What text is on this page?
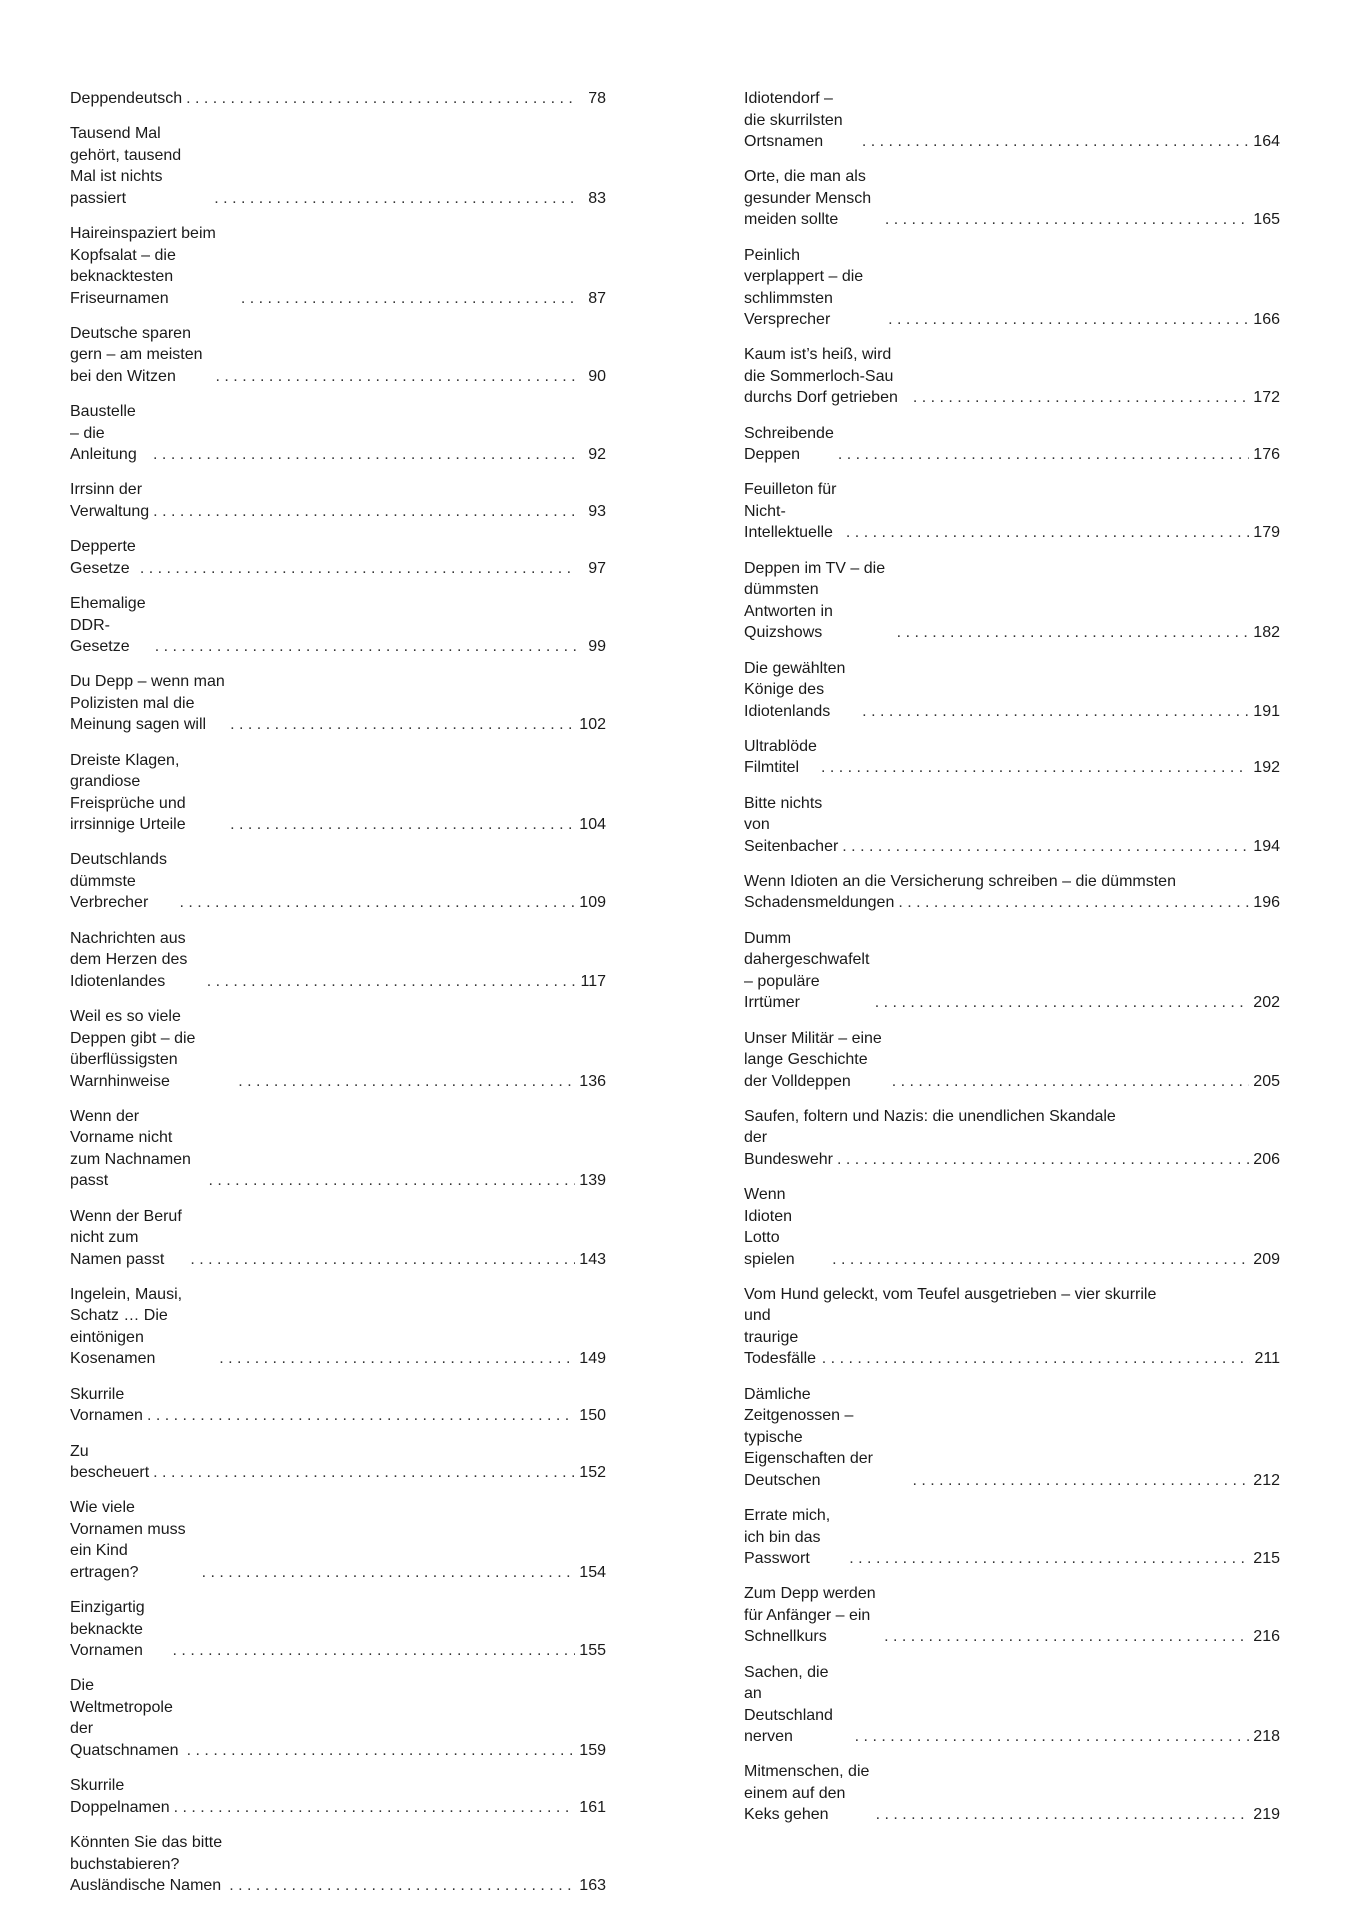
Deppendeutsch . . .	78
Tausend Mal gehört, tausend Mal ist nichts passiert . . .	83
Haireinspaziert beim Kopfsalat – die beknacktesten Friseurnamen . . .	87
Deutsche sparen gern – am meisten bei den Witzen . . .	90
Baustelle – die Anleitung . . .	92
Irrsinn der Verwaltung . . .	93
Depperte Gesetze . . .	97
Ehemalige DDR-Gesetze . . .	99
Du Depp – wenn man Polizisten mal die Meinung sagen will . . .	102
Dreiste Klagen, grandiose Freisprüche und irrsinnige Urteile . . .	104
Deutschlands dümmste Verbrecher . . .	109
Nachrichten aus dem Herzen des Idiotenlandes . . .	117
Weil es so viele Deppen gibt – die überflüssigsten Warnhinweise . . .	136
Wenn der Vorname nicht zum Nachnamen passt . . .	139
Wenn der Beruf nicht zum Namen passt . . .	143
Ingelein, Mausi, Schatz … Die eintönigen Kosenamen . . .	149
Skurrile Vornamen . . .	150
Zu bescheuert . . .	152
Wie viele Vornamen muss ein Kind ertragen? . . .	154
Einzigartig beknackte Vornamen . . .	155
Die Weltmetropole der Quatschnamen . . .	159
Skurrile Doppelnamen . . .	161
Könnten Sie das bitte buchstabieren? Ausländische Namen . . .	163
Idiotendorf – die skurrilsten Ortsnamen . . .	164
Orte, die man als gesunder Mensch meiden sollte . . .	165
Peinlich verplappert – die schlimmsten Versprecher . . .	166
Kaum ist’s heiß, wird die Sommerloch-Sau durchs Dorf getrieben . . .	172
Schreibende Deppen . . .	176
Feuilleton für Nicht-Intellektuelle . . .	179
Deppen im TV – die dümmsten Antworten in Quizshows . . .	182
Die gewählten Könige des Idiotenlands . . .	191
Ultrablöde Filmtitel . . .	192
Bitte nichts von Seitenbacher . . .	194
Wenn Idioten an die Versicherung schreiben – die dümmsten
Schadensmeldungen . . .	196
Dumm dahergeschwafelt – populäre Irrtümer . . .	202
Unser Militär – eine lange Geschichte der Volldeppen . . .	205
Saufen, foltern und Nazis: die unendlichen Skandale
der Bundeswehr . . .	206
Wenn Idioten Lotto spielen . . .	209
Vom Hund geleckt, vom Teufel ausgetrieben – vier skurrile
und traurige Todesfälle . . .	211
Dämliche Zeitgenossen – typische Eigenschaften der Deutschen . . .	212
Errate mich, ich bin das Passwort . . .	215
Zum Depp werden für Anfänger – ein Schnellkurs . . .	216
Sachen, die an Deutschland nerven . . .	218
Mitmenschen, die einem auf den Keks gehen . . .	219
